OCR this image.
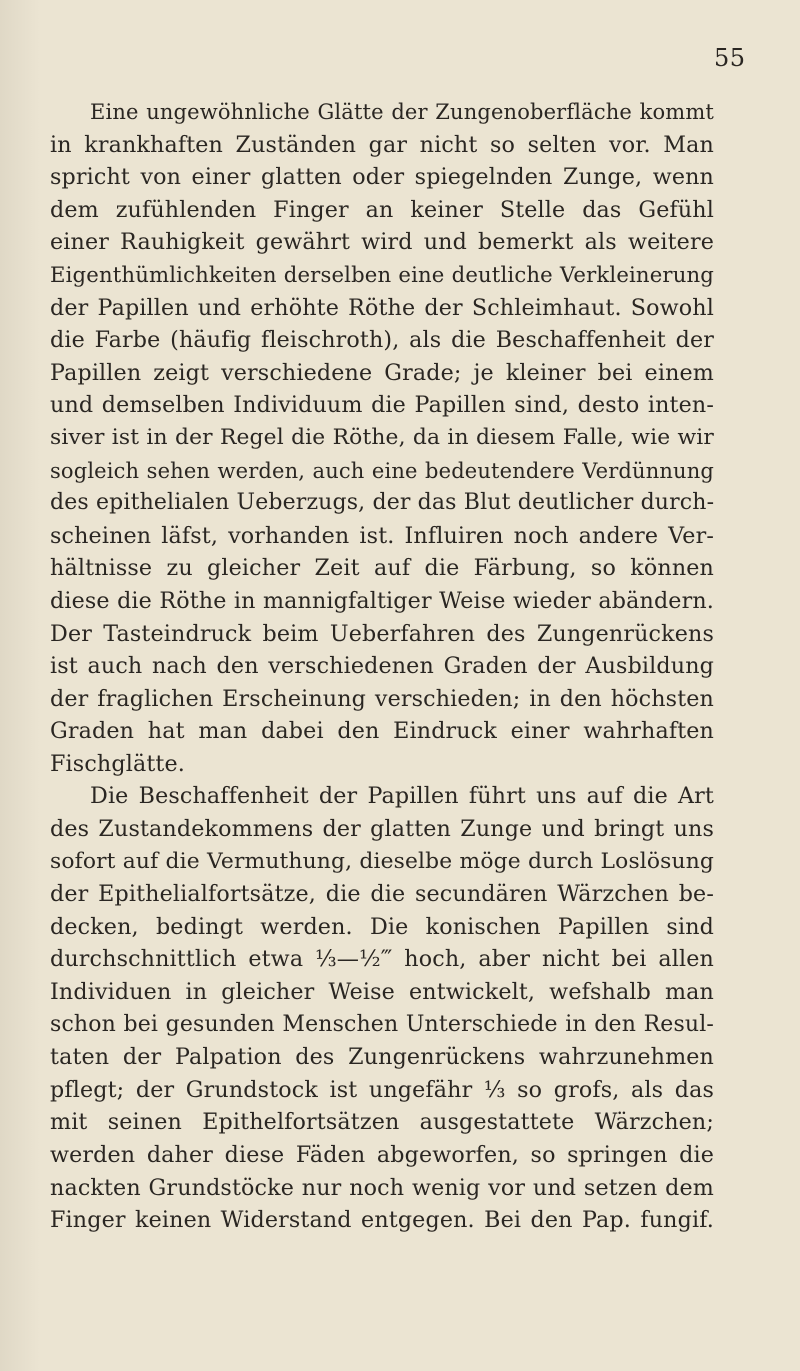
55
Eine ungewöhnliche Glätte der Zungenoberfläche kommt
in krankhaften Zuständen gar nicht so selten vor. Man
spricht von einer glatten oder spiegelnden Zunge, wenn
dem zufühlenden Finger an keiner Stelle das Gefühl
einer Rauhigkeit gewährt wird und bemerkt als weitere
Eigenthümlichkeiten derselben eine deutliche Verkleinerung
der Papillen und erhöhte Röthe der Schleimhaut. Sowohl
die Farbe (häufig fleischroth), als die Beschaffenheit der
Papillen zeigt verschiedene Grade; je kleiner bei einem
und demselben Individuum die Papillen sind, desto inten-
siver ist in der Regel die Röthe, da in diesem Falle, wie wir
sogleich sehen werden, auch eine bedeutendere Verdünnung
des epithelialen Ueberzugs, der das Blut deutlicher durch-
scheinen läfst, vorhanden ist. Influiren noch andere Ver-
hältnisse zu gleicher Zeit auf die Färbung, so können
diese die Röthe in mannigfaltiger Weise wieder abändern.
Der Tasteindruck beim Ueberfahren des Zungenrückens
ist auch nach den verschiedenen Graden der Ausbildung
der fraglichen Erscheinung verschieden; in den höchsten
Graden hat man dabei den Eindruck einer wahrhaften
Fischglätte.
Die Beschaffenheit der Papillen führt uns auf die Art
des Zustandekommens der glatten Zunge und bringt uns
sofort auf die Vermuthung, dieselbe möge durch Loslösung
der Epithelialfortsätze, die die secundären Wärzchen be-
decken, bedingt werden. Die konischen Papillen sind
durchschnittlich etwa ⅓—½‴ hoch, aber nicht bei allen
Individuen in gleicher Weise entwickelt, wefshalb man
schon bei gesunden Menschen Unterschiede in den Resul-
taten der Palpation des Zungenrückens wahrzunehmen
pflegt; der Grundstock ist ungefähr ⅓ so grofs, als das
mit seinen Epithelfortsätzen ausgestattete Wärzchen;
werden daher diese Fäden abgeworfen, so springen die
nackten Grundstöcke nur noch wenig vor und setzen dem
Finger keinen Widerstand entgegen. Bei den Pap. fungif.
